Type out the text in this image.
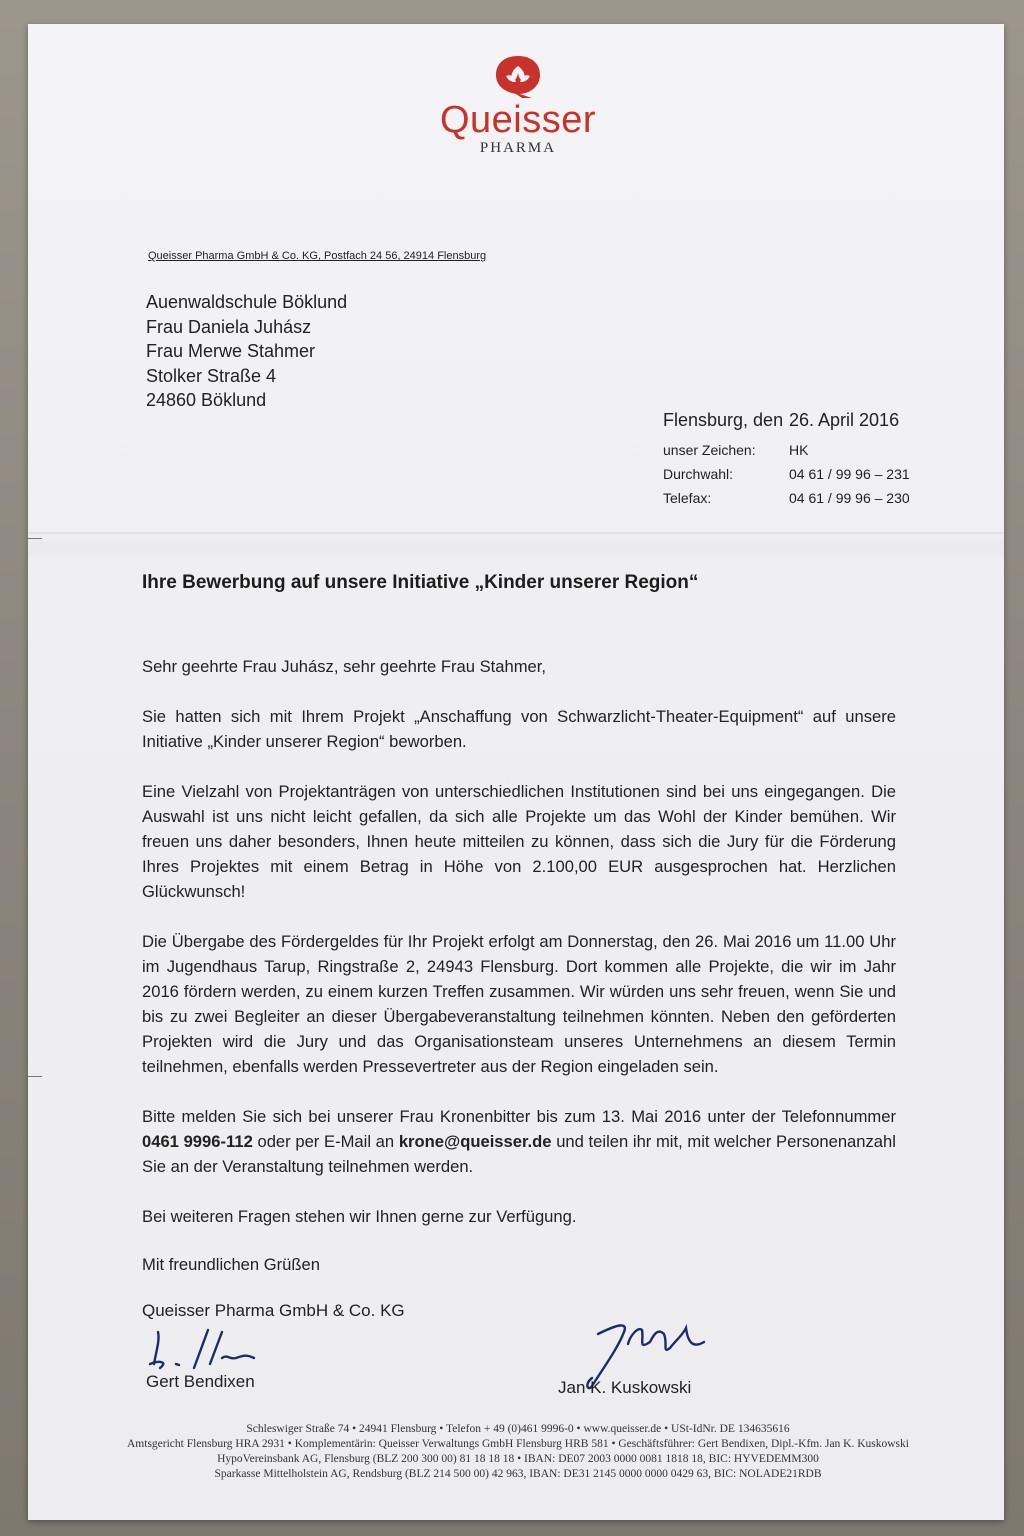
Queisser
PHARMA
Queisser Pharma GmbH & Co. KG, Postfach 24 56, 24914 Flensburg
Auenwaldschule Böklund
Frau Daniela Juhász
Frau Merwe Stahmer
Stolker Straße 4
24860 Böklund
Flensburg, den 26. April 2016
unser Zeichen: HK
Durchwahl:	04 61 / 99 96 – 231
Telefax:	04 61 / 99 96 – 230
Ihre Bewerbung auf unsere Initiative „Kinder unserer Region“
Sehr geehrte Frau Juhász, sehr geehrte Frau Stahmer,
Sie hatten sich mit Ihrem Projekt „Anschaffung von Schwarzlicht-Theater-Equipment“ auf unsere Initiative „Kinder unserer Region“ beworben.
Eine Vielzahl von Projektanträgen von unterschiedlichen Institutionen sind bei uns eingegangen. Die Auswahl ist uns nicht leicht gefallen, da sich alle Projekte um das Wohl der Kinder bemühen. Wir freuen uns daher besonders, Ihnen heute mitteilen zu können, dass sich die Jury für die Förderung Ihres Projektes mit einem Betrag in Höhe von 2.100,00 EUR ausgesprochen hat. Herzlichen Glückwunsch!
Die Übergabe des Fördergeldes für Ihr Projekt erfolgt am Donnerstag, den 26. Mai 2016 um 11.00 Uhr im Jugendhaus Tarup, Ringstraße 2, 24943 Flensburg. Dort kommen alle Projekte, die wir im Jahr 2016 fördern werden, zu einem kurzen Treffen zusammen. Wir würden uns sehr freuen, wenn Sie und bis zu zwei Begleiter an dieser Übergabeveranstaltung teilnehmen könnten. Neben den geförderten Projekten wird die Jury und das Organisationsteam unseres Unternehmens an diesem Termin teilnehmen, ebenfalls werden Pressevertreter aus der Region eingeladen sein.
Bitte melden Sie sich bei unserer Frau Kronenbitter bis zum 13. Mai 2016 unter der Telefonnummer 0461 9996-112 oder per E-Mail an krone@queisser.de und teilen ihr mit, mit welcher Personenanzahl Sie an der Veranstaltung teilnehmen werden.
Bei weiteren Fragen stehen wir Ihnen gerne zur Verfügung.
Mit freundlichen Grüßen
Queisser Pharma GmbH & Co. KG
Gert Bendixen	Jan K. Kuskowski
Schleswiger Straße 74 • 24941 Flensburg • Telefon + 49 (0)461 9996-0 • www.queisser.de • USt-IdNr. DE 134635616
Amtsgericht Flensburg HRA 2931 • Komplementärin: Queisser Verwaltungs GmbH Flensburg HRB 581 • Geschäftsführer: Gert Bendixen, Dipl.-Kfm. Jan K. Kuskowski
HypoVereinsbank AG, Flensburg (BLZ 200 300 00) 81 18 18 18 • IBAN: DE07 2003 0000 0081 1818 18, BIC: HYVEDEMM300
Sparkasse Mittelholstein AG, Rendsburg (BLZ 214 500 00) 42 963, IBAN: DE31 2145 0000 0000 0429 63, BIC: NOLADE21RDB
